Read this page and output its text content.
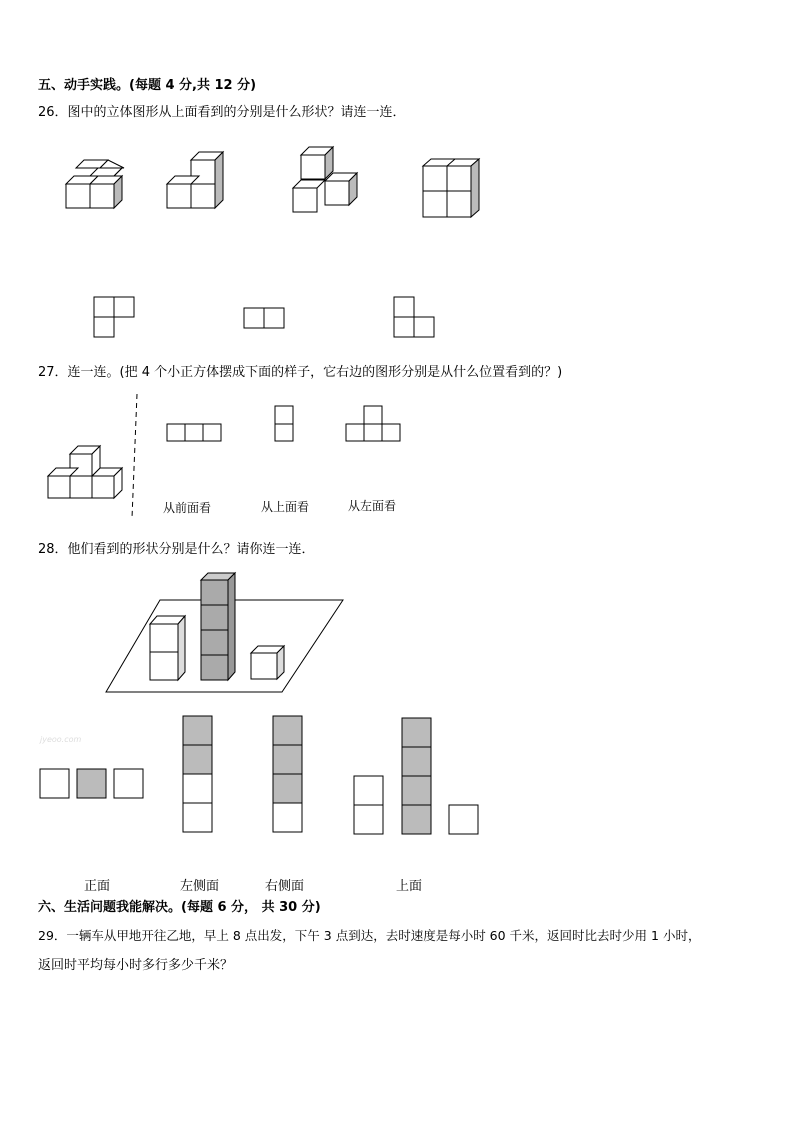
五、动手实践。(每题 4 分,共 12 分)
26．图中的立体图形从上面看到的分别是什么形状？请连一连．
27．连一连。(把 4 个小正方体摆成下面的样子，它右边的图形分别是从什么位置看到的？)
从前面看	从上面看	从左面看
28．他们看到的形状分别是什么？请你连一连．
jyeoo.com
正面	左侧面	右侧面	上面
六、生活问题我能解决。(每题 6 分， 共 30 分)
29．一辆车从甲地开往乙地，早上 8 点出发，下午 3 点到达，去时速度是每小时 60 千米，返回时比去时少用 1 小时，
返回时平均每小时多行多少千米？
